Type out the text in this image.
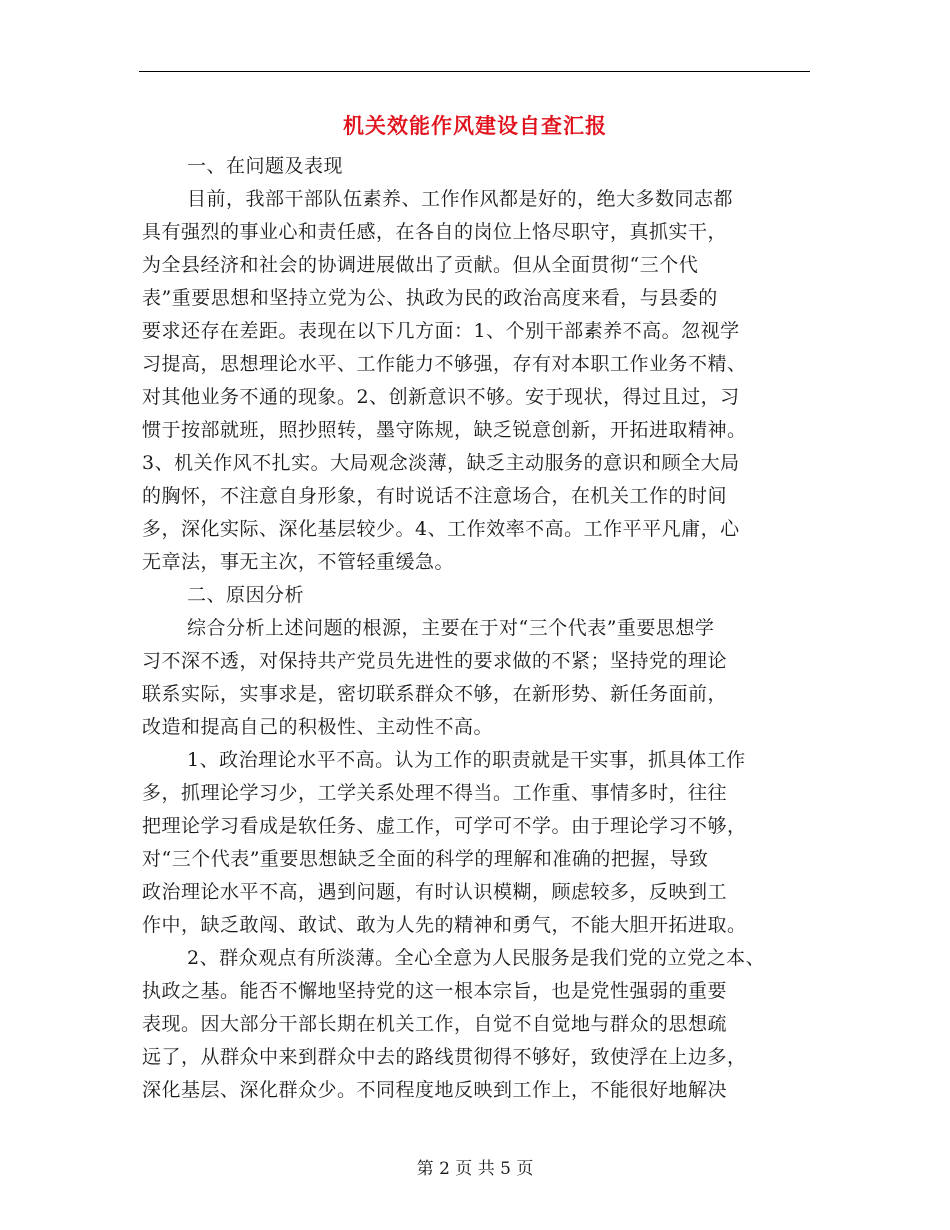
机关效能作风建设自查汇报
一、在问题及表现
目前，我部干部队伍素养、工作作风都是好的，绝大多数同志都
具有强烈的事业心和责任感，在各自的岗位上恪尽职守，真抓实干，
为全县经济和社会的协调进展做出了贡献。但从全面贯彻“三个代
表”重要思想和坚持立党为公、执政为民的政治高度来看，与县委的
要求还存在差距。表现在以下几方面：1、个别干部素养不高。忽视学
习提高，思想理论水平、工作能力不够强，存有对本职工作业务不精、
对其他业务不通的现象。2、创新意识不够。安于现状，得过且过，习
惯于按部就班，照抄照转，墨守陈规，缺乏锐意创新，开拓进取精神。
3、机关作风不扎实。大局观念淡薄，缺乏主动服务的意识和顾全大局
的胸怀，不注意自身形象，有时说话不注意场合，在机关工作的时间
多，深化实际、深化基层较少。4、工作效率不高。工作平平凡庸，心
无章法，事无主次，不管轻重缓急。
二、原因分析
综合分析上述问题的根源，主要在于对“三个代表”重要思想学
习不深不透，对保持共产党员先进性的要求做的不紧；坚持党的理论
联系实际，实事求是，密切联系群众不够，在新形势、新任务面前，
改造和提高自己的积极性、主动性不高。
1、政治理论水平不高。认为工作的职责就是干实事，抓具体工作
多，抓理论学习少，工学关系处理不得当。工作重、事情多时，往往
把理论学习看成是软任务、虚工作，可学可不学。由于理论学习不够，
对“三个代表”重要思想缺乏全面的科学的理解和准确的把握，导致
政治理论水平不高，遇到问题，有时认识模糊，顾虑较多，反映到工
作中，缺乏敢闯、敢试、敢为人先的精神和勇气，不能大胆开拓进取。
2、群众观点有所淡薄。全心全意为人民服务是我们党的立党之本、
执政之基。能否不懈地坚持党的这一根本宗旨，也是党性强弱的重要
表现。因大部分干部长期在机关工作，自觉不自觉地与群众的思想疏
远了，从群众中来到群众中去的路线贯彻得不够好，致使浮在上边多，
深化基层、深化群众少。不同程度地反映到工作上，不能很好地解决
第 2 页 共 5 页
